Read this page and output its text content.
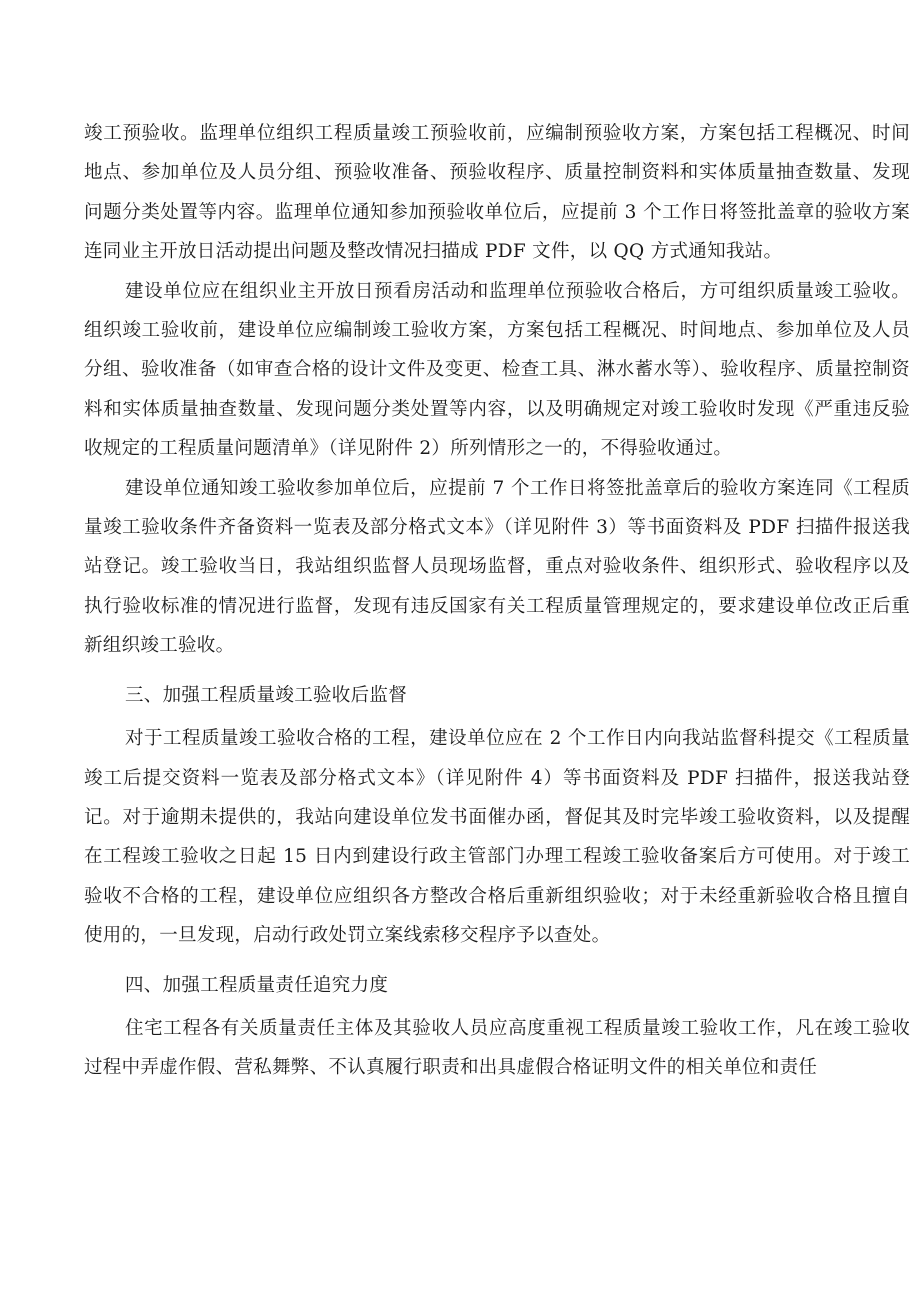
竣工预验收。监理单位组织工程质量竣工预验收前，应编制预验收方案，方案包括工程概况、时间地点、参加单位及人员分组、预验收准备、预验收程序、质量控制资料和实体质量抽查数量、发现问题分类处置等内容。监理单位通知参加预验收单位后，应提前 3 个工作日将签批盖章的验收方案连同业主开放日活动提出问题及整改情况扫描成 PDF 文件，以 QQ 方式通知我站。

建设单位应在组织业主开放日预看房活动和监理单位预验收合格后，方可组织质量竣工验收。组织竣工验收前，建设单位应编制竣工验收方案，方案包括工程概况、时间地点、参加单位及人员分组、验收准备（如审查合格的设计文件及变更、检查工具、淋水蓄水等）、验收程序、质量控制资料和实体质量抽查数量、发现问题分类处置等内容，以及明确规定对竣工验收时发现《严重违反验收规定的工程质量问题清单》（详见附件 2）所列情形之一的，不得验收通过。

建设单位通知竣工验收参加单位后，应提前 7 个工作日将签批盖章后的验收方案连同《工程质量竣工验收条件齐备资料一览表及部分格式文本》（详见附件 3）等书面资料及 PDF 扫描件报送我站登记。竣工验收当日，我站组织监督人员现场监督，重点对验收条件、组织形式、验收程序以及执行验收标准的情况进行监督，发现有违反国家有关工程质量管理规定的，要求建设单位改正后重新组织竣工验收。

三、加强工程质量竣工验收后监督

对于工程质量竣工验收合格的工程，建设单位应在 2 个工作日内向我站监督科提交《工程质量竣工后提交资料一览表及部分格式文本》（详见附件 4）等书面资料及 PDF 扫描件，报送我站登记。对于逾期未提供的，我站向建设单位发书面催办函，督促其及时完毕竣工验收资料，以及提醒在工程竣工验收之日起 15 日内到建设行政主管部门办理工程竣工验收备案后方可使用。对于竣工验收不合格的工程，建设单位应组织各方整改合格后重新组织验收；对于未经重新验收合格且擅自使用的，一旦发现，启动行政处罚立案线索移交程序予以查处。

四、加强工程质量责任追究力度

住宅工程各有关质量责任主体及其验收人员应高度重视工程质量竣工验收工作，凡在竣工验收过程中弄虚作假、营私舞弊、不认真履行职责和出具虚假合格证明文件的相关单位和责任
